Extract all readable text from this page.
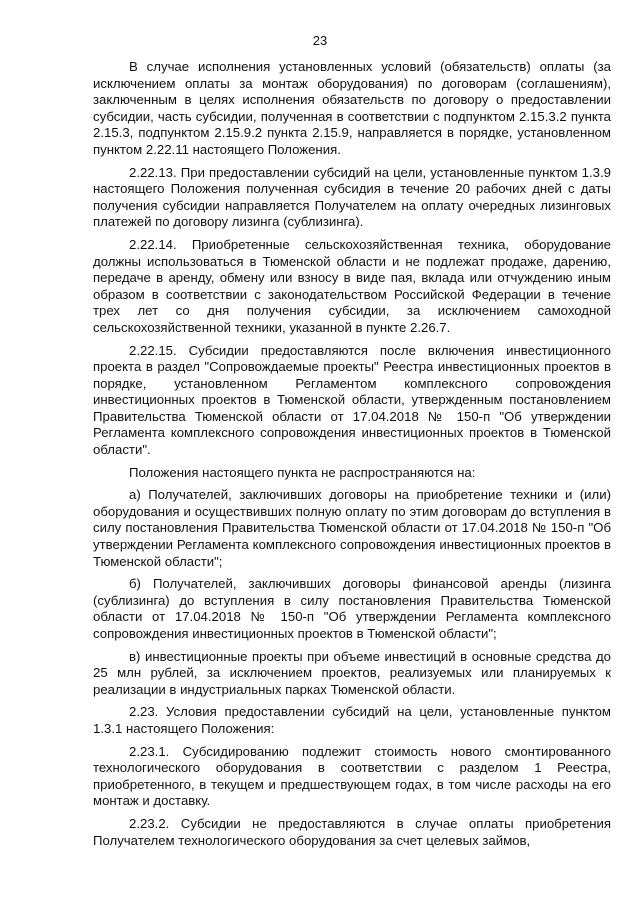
23

В случае исполнения установленных условий (обязательств) оплаты (за исключением оплаты за монтаж оборудования) по договорам (соглашениям), заключенным в целях исполнения обязательств по договору о предоставлении субсидии, часть субсидии, полученная в соответствии с подпунктом 2.15.3.2 пункта 2.15.3, подпунктом 2.15.9.2 пункта 2.15.9, направляется в порядке, установленном пунктом 2.22.11 настоящего Положения.

2.22.13. При предоставлении субсидий на цели, установленные пунктом 1.3.9 настоящего Положения полученная субсидия в течение 20 рабочих дней с даты получения субсидии направляется Получателем на оплату очередных лизинговых платежей по договору лизинга (сублизинга).

2.22.14. Приобретенные сельскохозяйственная техника, оборудование должны использоваться в Тюменской области и не подлежат продаже, дарению, передаче в аренду, обмену или взносу в виде пая, вклада или отчуждению иным образом в соответствии с законодательством Российской Федерации в течение трех лет со дня получения субсидии, за исключением самоходной сельскохозяйственной техники, указанной в пункте 2.26.7.

2.22.15. Субсидии предоставляются после включения инвестиционного проекта в раздел "Сопровождаемые проекты" Реестра инвестиционных проектов в порядке, установленном Регламентом комплексного сопровождения инвестиционных проектов в Тюменской области, утвержденным постановлением Правительства Тюменской области от 17.04.2018 № 150-п "Об утверждении Регламента комплексного сопровождения инвестиционных проектов в Тюменской области".

Положения настоящего пункта не распространяются на:

а) Получателей, заключивших договоры на приобретение техники и (или) оборудования и осуществивших полную оплату по этим договорам до вступления в силу постановления Правительства Тюменской области от 17.04.2018 № 150-п "Об утверждении Регламента комплексного сопровождения инвестиционных проектов в Тюменской области";

б) Получателей, заключивших договоры финансовой аренды (лизинга (сублизинга) до вступления в силу постановления Правительства Тюменской области от 17.04.2018 № 150-п "Об утверждении Регламента комплексного сопровождения инвестиционных проектов в Тюменской области";

в) инвестиционные проекты при объеме инвестиций в основные средства до 25 млн рублей, за исключением проектов, реализуемых или планируемых к реализации в индустриальных парках Тюменской области.

2.23. Условия предоставлении субсидий на цели, установленные пунктом 1.3.1 настоящего Положения:

2.23.1. Субсидированию подлежит стоимость нового смонтированного технологического оборудования в соответствии с разделом 1 Реестра, приобретенного, в текущем и предшествующем годах, в том числе расходы на его монтаж и доставку.

2.23.2. Субсидии не предоставляются в случае оплаты приобретения Получателем технологического оборудования за счет целевых займов,
